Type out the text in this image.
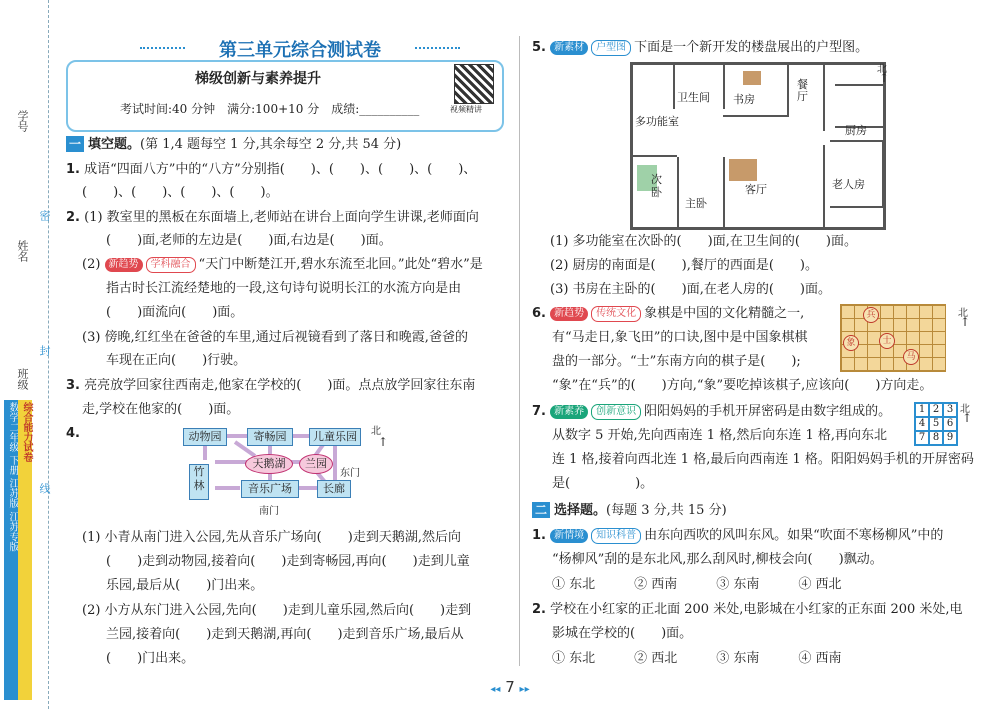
学号
姓名
班级
密
封
线
数学二年级 下册 江苏版 江苏专版 综合能力试卷
第三单元综合测试卷
梯级创新与素养提升
考试时间:40 分钟　满分:100+10 分　成绩:__________	视频精讲
一 填空题。(第 1,4 题每空 1 分,其余每空 2 分,共 54 分)
1. 成语“四面八方”中的“八方”分别指(　　)、(　　)、(　　)、(　　)、
(　　)、(　　)、(　　)、(　　)。
2. (1) 教室里的黑板在东面墙上,老师站在讲台上面向学生讲课,老师面向
(　　)面,老师的左边是(　　)面,右边是(　　)面。
(2) 新趋势 学科融合 “天门中断楚江开,碧水东流至北回。”此处“碧水”是
指古时长江流经楚地的一段,这句诗句说明长江的水流方向是由
(　　)面流向(　　)面。
(3) 傍晚,红红坐在爸爸的车里,通过后视镜看到了落日和晚霞,爸爸的
车现在正向(　　)行驶。
3. 亮亮放学回家往西南走,他家在学校的(　　)面。点点放学回家往东南
走,学校在他家的(　　)面。
4.	动物园	寄畅园	儿童乐园
天鹅湖	兰园
竹林	音乐广场	长廊
东门
南门
北
↑
(1) 小青从南门进入公园,先从音乐广场向(　　)走到天鹅湖,然后向
(　　)走到动物园,接着向(　　)走到寄畅园,再向(　　)走到儿童
乐园,最后从(　　)门出来。
(2) 小方从东门进入公园,先向(　　)走到儿童乐园,然后向(　　)走到
兰园,接着向(　　)走到天鹅湖,再向(　　)走到音乐广场,最后从
(　　)门出来。
5. 新素材 户型图 下面是一个新开发的楼盘展出的户型图。
卫生间 书房
餐厅
多功能室
次卧
主卧
客厅
厨房
老人房
北
↑
(1) 多功能室在次卧的(　　)面,在卫生间的(　　)面。
(2) 厨房的南面是(　　),餐厅的西面是(　　)。
(3) 书房在主卧的(　　)面,在老人房的(　　)面。
6. 新趋势 传统文化 象棋是中国的文化精髓之一,
有“马走日,象飞田”的口诀,图中是中国象棋棋
盘的一部分。“士”东南方向的棋子是(　　);
“象”在“兵”的(　　)方向,“象”要吃掉该棋子,应该向(　　)方向走。
兵
象	士
马
北
↑
7. 新素养 创新意识 阳阳妈妈的手机开屏密码是由数字组成的。
从数字 5 开始,先向西南连 1 格,然后向东连 1 格,再向东北
连 1 格,接着向西北连 1 格,最后向西南连 1 格。阳阳妈妈手机的开屏密码
是(　　　　　)。
1 2 3
4 5 6
7 8 9
北
↑
二 选择题。(每题 3 分,共 15 分)
1. 新情境 知识科普 由东向西吹的风叫东风。如果“吹面不寒杨柳风”中的
“杨柳风”刮的是东北风,那么刮风时,柳枝会向(　　)飘动。
① 东北　　　② 西南　　　③ 东南　　　④ 西北
2. 学校在小红家的正北面 200 米处,电影城在小红家的正东面 200 米处,电
影城在学校的(　　)面。
① 东北　　　② 西北　　　③ 东南　　　④ 西南
◂◂ 7 ▸▸
